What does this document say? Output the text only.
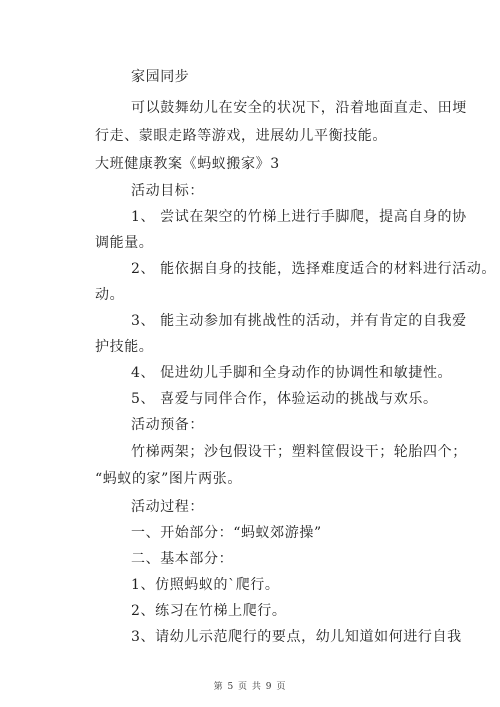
家园同步
可以鼓舞幼儿在安全的状况下，沿着地面直走、田埂
行走、蒙眼走路等游戏，进展幼儿平衡技能。
大班健康教案《蚂蚁搬家》3
活动目标：
1、 尝试在架空的竹梯上进行手脚爬，提高自身的协
调能量。
2、 能依据自身的技能，选择难度适合的材料进行活动。
动。
3、 能主动参加有挑战性的活动，并有肯定的自我爱
护技能。
4、 促进幼儿手脚和全身动作的协调性和敏捷性。
5、 喜爱与同伴合作，体验运动的挑战与欢乐。
活动预备：
竹梯两架；沙包假设干；塑料筐假设干；轮胎四个；
“蚂蚁的家”图片两张。
活动过程：
一、开始部分：“蚂蚁郊游操”
二、基本部分：
1、仿照蚂蚁的`爬行。
2、练习在竹梯上爬行。
3、请幼儿示范爬行的要点，幼儿知道如何进行自我
第 5 页 共 9 页
